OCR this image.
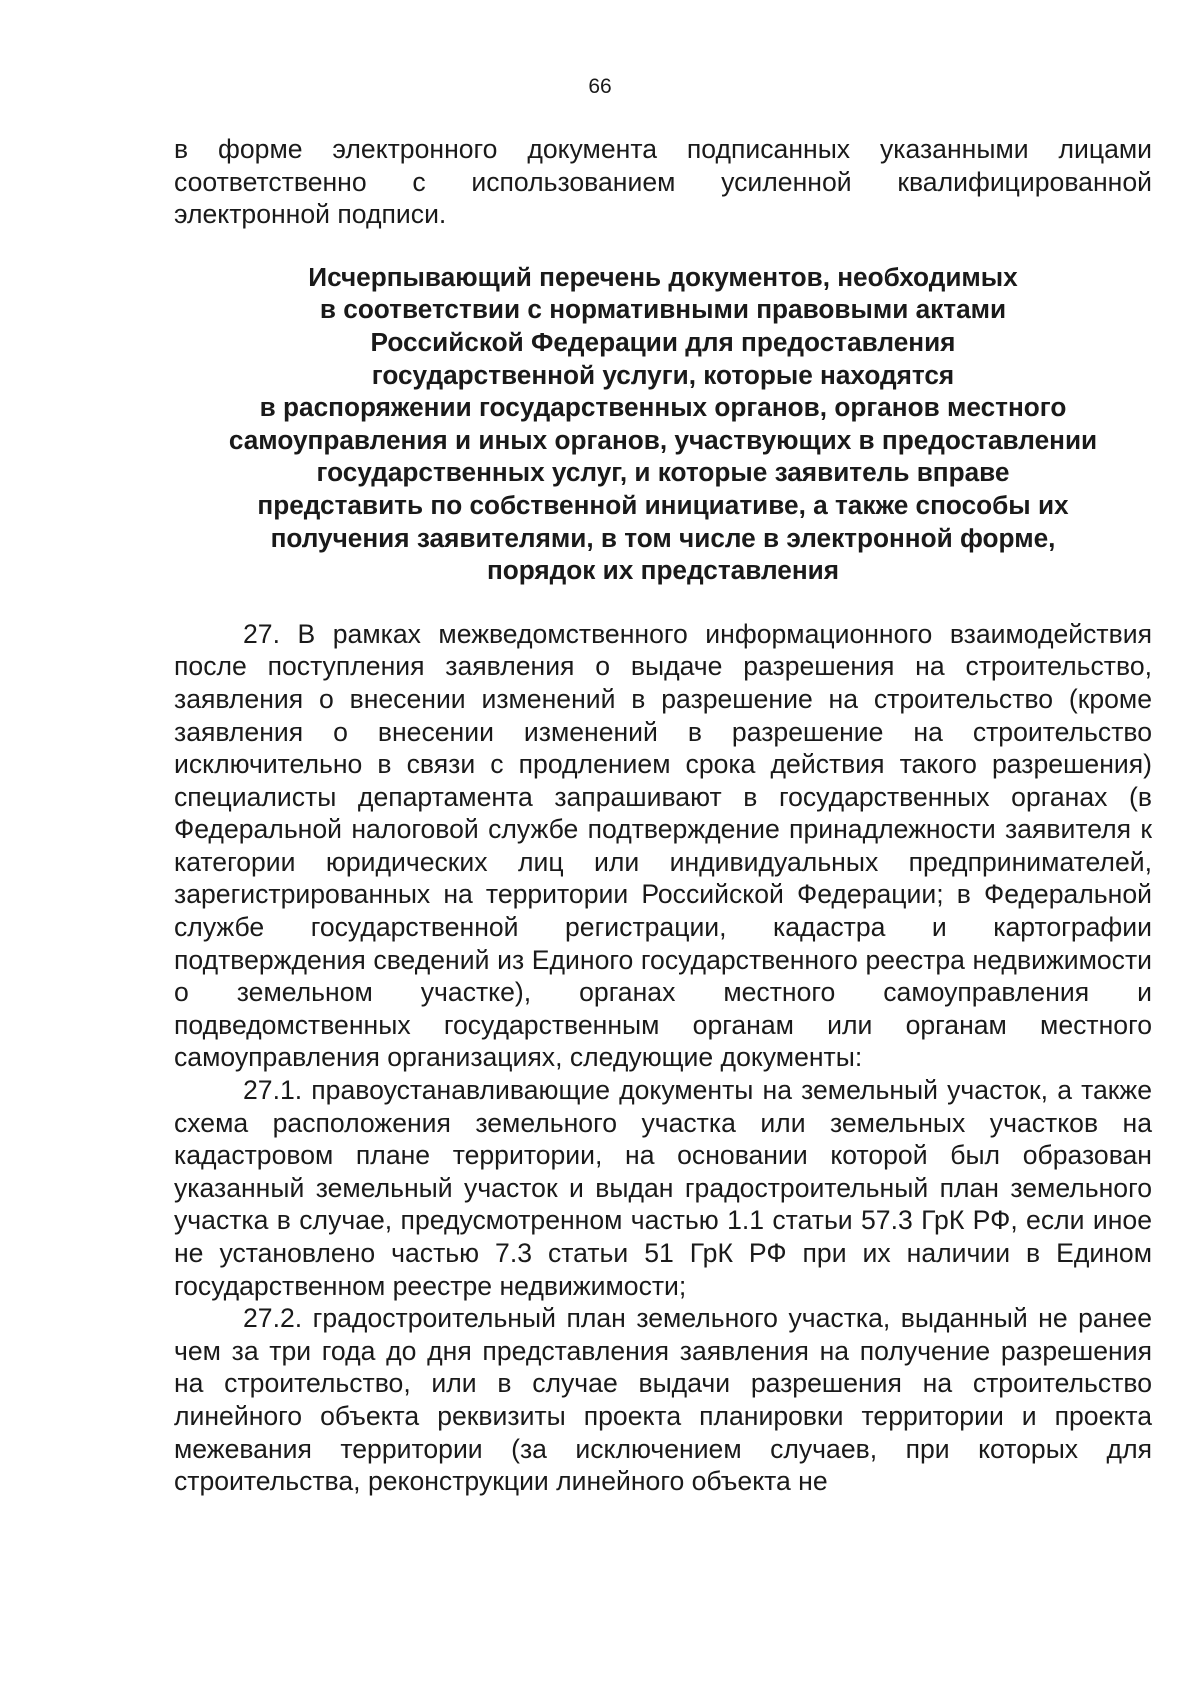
66

в форме электронного документа подписанных указанными лицами соответственно с использованием усиленной квалифицированной электронной подписи.

Исчерпывающий перечень документов, необходимых
в соответствии с нормативными правовыми актами
Российской Федерации для предоставления
государственной услуги, которые находятся
в распоряжении государственных органов, органов местного
самоуправления и иных органов, участвующих в предоставлении
государственных услуг, и которые заявитель вправе
представить по собственной инициативе, а также способы их
получения заявителями, в том числе в электронной форме,
порядок их представления

27. В рамках межведомственного информационного взаимодействия после поступления заявления о выдаче разрешения на строительство, заявления о внесении изменений в разрешение на строительство (кроме заявления о внесении изменений в разрешение на строительство исключительно в связи с продлением срока действия такого разрешения) специалисты департамента запрашивают в государственных органах (в Федеральной налоговой службе подтверждение принадлежности заявителя к категории юридических лиц или индивидуальных предпринимателей, зарегистрированных на территории Российской Федерации; в Федеральной службе государственной регистрации, кадастра и картографии подтверждения сведений из Единого государственного реестра недвижимости о земельном участке), органах местного самоуправления и подведомственных государственным органам или органам местного самоуправления организациях, следующие документы:

27.1. правоустанавливающие документы на земельный участок, а также схема расположения земельного участка или земельных участков на кадастровом плане территории, на основании которой был образован указанный земельный участок и выдан градостроительный план земельного участка в случае, предусмотренном частью 1.1 статьи 57.3 ГрК РФ, если иное не установлено частью 7.3 статьи 51 ГрК РФ при их наличии в Едином государственном реестре недвижимости;

27.2. градостроительный план земельного участка, выданный не ранее чем за три года до дня представления заявления на получение разрешения на строительство, или в случае выдачи разрешения на строительство линейного объекта реквизиты проекта планировки территории и проекта межевания территории (за исключением случаев, при которых для строительства, реконструкции линейного объекта не
